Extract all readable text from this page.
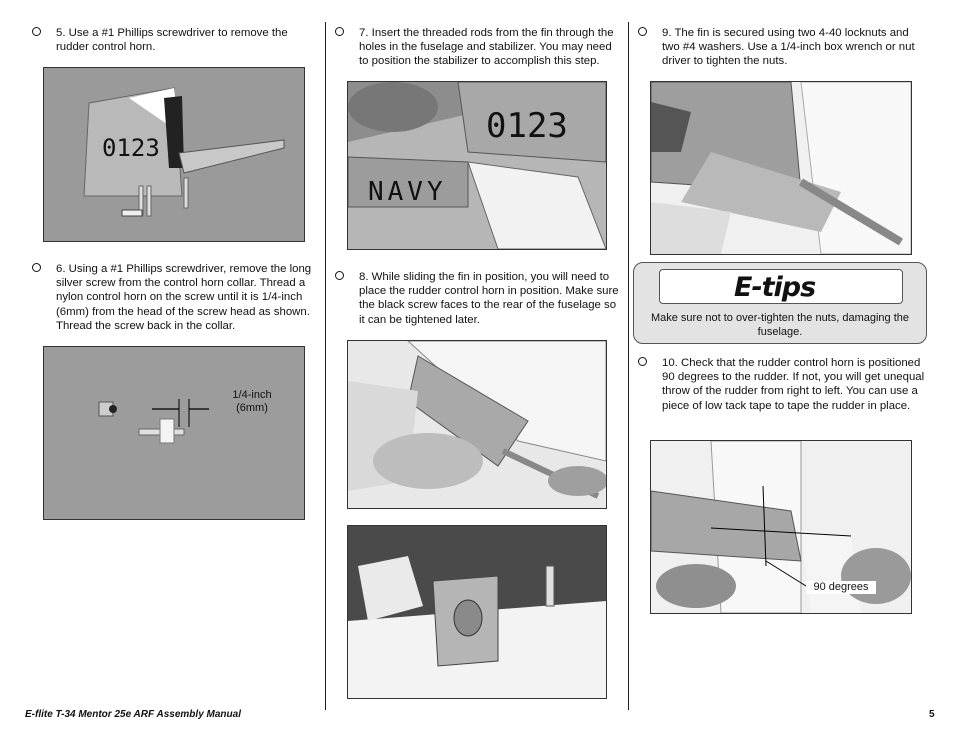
5. Use a #1 Phillips screwdriver to remove the rudder control horn.
0123
6. Using a #1 Phillips screwdriver, remove the long silver screw from the control horn collar. Thread a nylon control horn on the screw until it is 1/4-inch (6mm) from the head of the screw head as shown. Thread the screw back in the collar.
1/4-inch
(6mm)
7. Insert the threaded rods from the fin through the holes in the fuselage and stabilizer. You may need to position the stabilizer to accomplish this step.
0123
NAVY
8. While sliding the fin in position, you will need to place the rudder control horn in position. Make sure the black screw faces to the rear of the fuselage so it can be tightened later.
9. The fin is secured using two 4-40 locknuts and two #4 washers. Use a 1/4-inch box wrench or nut driver to tighten the nuts.
E-tips
Make sure not to over-tighten the nuts, damaging the fuselage.
10. Check that the rudder control horn is positioned 90 degrees to the rudder. If not, you will get unequal throw of the rudder from right to left. You can use a piece of low tack tape to tape the rudder in place.
90 degrees
E-flite T-34 Mentor 25e ARF Assembly Manual	5
